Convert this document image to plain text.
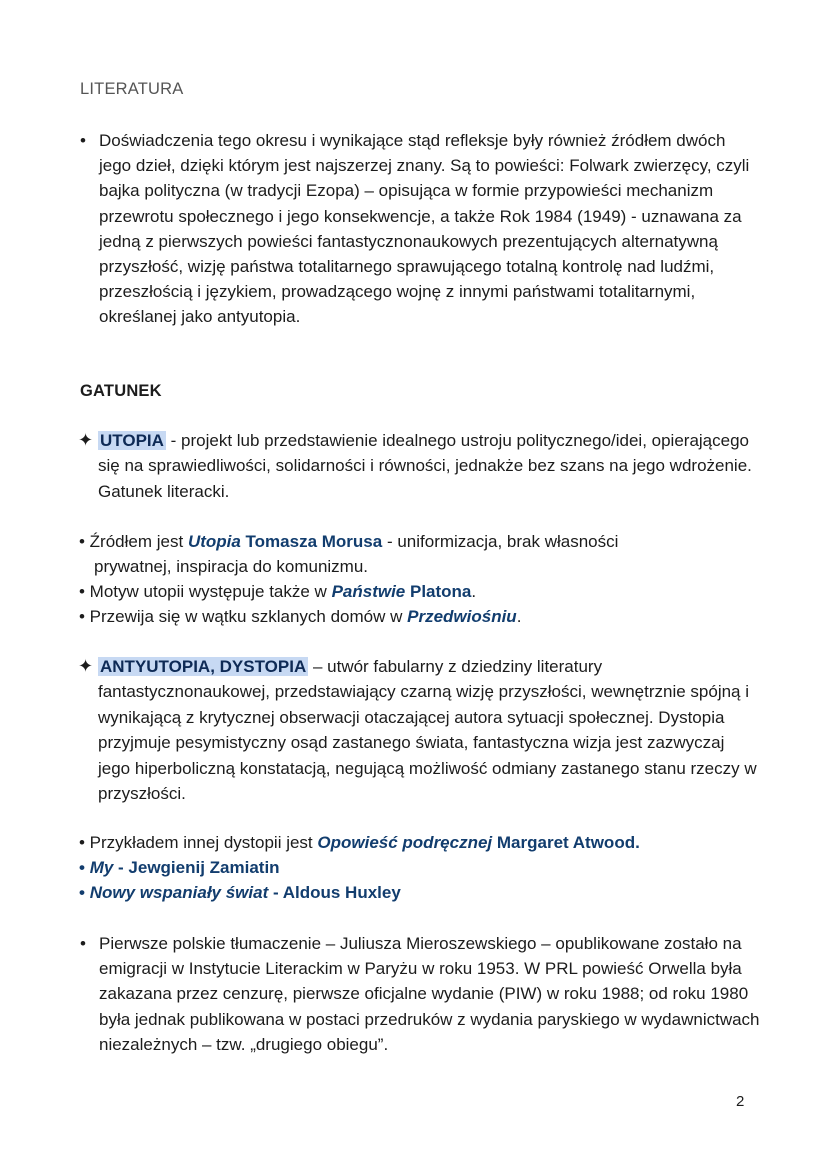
LITERATURA
• Doświadczenia tego okresu i wynikające stąd refleksje były również źródłem dwóch jego dzieł, dzięki którym jest najszerzej znany. Są to powieści: Folwark zwierzęcy, czyli bajka polityczna (w tradycji Ezopa) – opisująca w formie przypowieści mechanizm przewrotu społecznego i jego konsekwencje, a także Rok 1984 (1949) - uznawana za jedną z pierwszych powieści fantastycznonaukowych prezentujących alternatywną przyszłość, wizję państwa totalitarnego sprawującego totalną kontrolę nad ludźmi, przeszłością i językiem, prowadzącego wojnę z innymi państwami totalitarnymi, określanej jako antyutopia.
GATUNEK
✦ UTOPIA - projekt lub przedstawienie idealnego ustroju politycznego/idei, opierającego się na sprawiedliwości, solidarności i równości, jednakże bez szans na jego wdrożenie. Gatunek literacki.
• Źródłem jest Utopia Tomasza Morusa - uniformizacja, brak własności
prywatnej, inspiracja do komunizmu.
• Motyw utopii występuje także w Państwie Platona.
• Przewija się w wątku szklanych domów w Przedwiośniu.
✦ ANTYUTOPIA, DYSTOPIA – utwór fabularny z dziedziny literatury fantastycznonaukowej, przedstawiający czarną wizję przyszłości, wewnętrznie spójną i wynikającą z krytycznej obserwacji otaczającej autora sytuacji społecznej. Dystopia przyjmuje pesymistyczny osąd zastanego świata, fantastyczna wizja jest zazwyczaj jego hiperboliczną konstatacją, negującą możliwość odmiany zastanego stanu rzeczy w przyszłości.
• Przykładem innej dystopii jest Opowieść podręcznej Margaret Atwood.
• My - Jewgienij Zamiatin
• Nowy wspaniały świat - Aldous Huxley
• Pierwsze polskie tłumaczenie – Juliusza Mieroszewskiego – opublikowane zostało na emigracji w Instytucie Literackim w Paryżu w roku 1953. W PRL powieść Orwella była zakazana przez cenzurę, pierwsze oficjalne wydanie (PIW) w roku 1988; od roku 1980 była jednak publikowana w postaci przedruków z wydania paryskiego w wydawnictwach niezależnych – tzw. „drugiego obiegu”.
2
